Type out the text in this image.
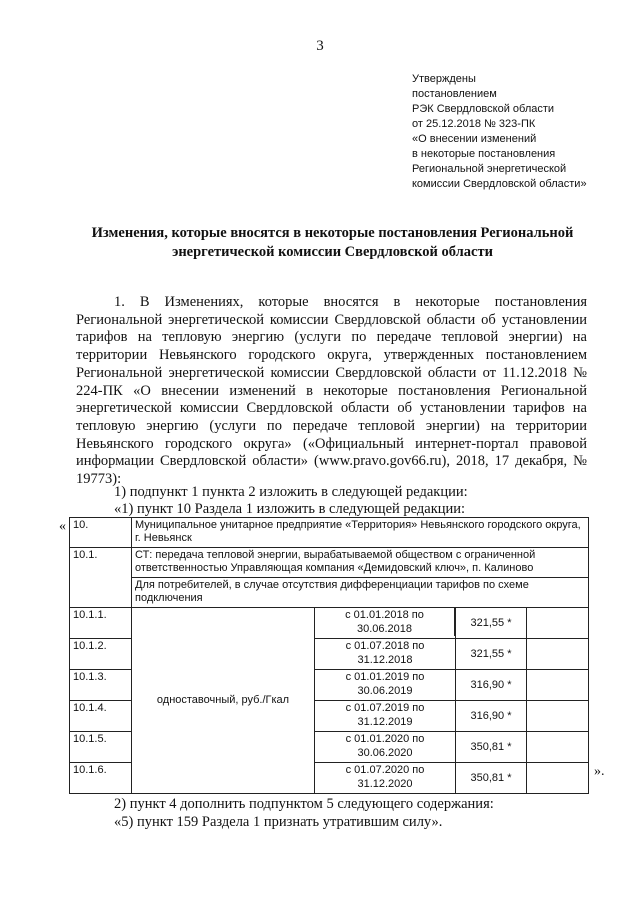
3
Утверждены
постановлением
РЭК Свердловской области
от 25.12.2018 № 323-ПК
«О внесении изменений
в некоторые постановления
Региональной энергетической
комиссии Свердловской области»
Изменения, которые вносятся в некоторые постановления Региональной
энергетической комиссии Свердловской области

1. В Изменениях, которые вносятся в некоторые постановления Региональной энергетической комиссии Свердловской области об установлении тарифов на тепловую энергию (услуги по передаче тепловой энергии) на территории Невьянского городского округа, утвержденных постановлением Региональной энергетической комиссии Свердловской области от 11.12.2018 № 224-ПК «О внесении изменений в некоторые постановления Региональной энергетической комиссии Свердловской области об установлении тарифов на тепловую энергию (услуги по передаче тепловой энергии) на территории Невьянского городского округа» («Официальный интернет-портал правовой информации Свердловской области» (www.pravo.gov66.ru), 2018, 17 декабря, № 19773):

1) подпункт 1 пункта 2 изложить в следующей редакции:
«1) пункт 10 Раздела 1 изложить в следующей редакции:
« 10.	Муниципальное унитарное предприятие «Территория» Невьянского городского округа, г. Невьянск		
10.1.	СТ: передача тепловой энергии, вырабатываемой обществом с ограниченной ответственностью Управляющая компания «Демидовский ключ», п. Калиново		
	Для потребителей, в случае отсутствия дифференциации тарифов по схеме подключения		
10.1.1.	одноставочный, руб./Гкал	с 01.01.2018 по
30.06.2018	321,55 *

10.1.2.		с 01.07.2018 по
31.12.2018	321,55 *

10.1.3.		с 01.01.2019 по
30.06.2019	316,90 *

10.1.4.		с 01.07.2019 по
31.12.2019	316,90 *

10.1.5.		с 01.01.2020 по
30.06.2020	350,81 *

10.1.6.		с 01.07.2020 по
31.12.2020	350,81 *	».
2) пункт 4 дополнить подпунктом 5 следующего содержания:
«5) пункт 159 Раздела 1 признать утратившим силу».
